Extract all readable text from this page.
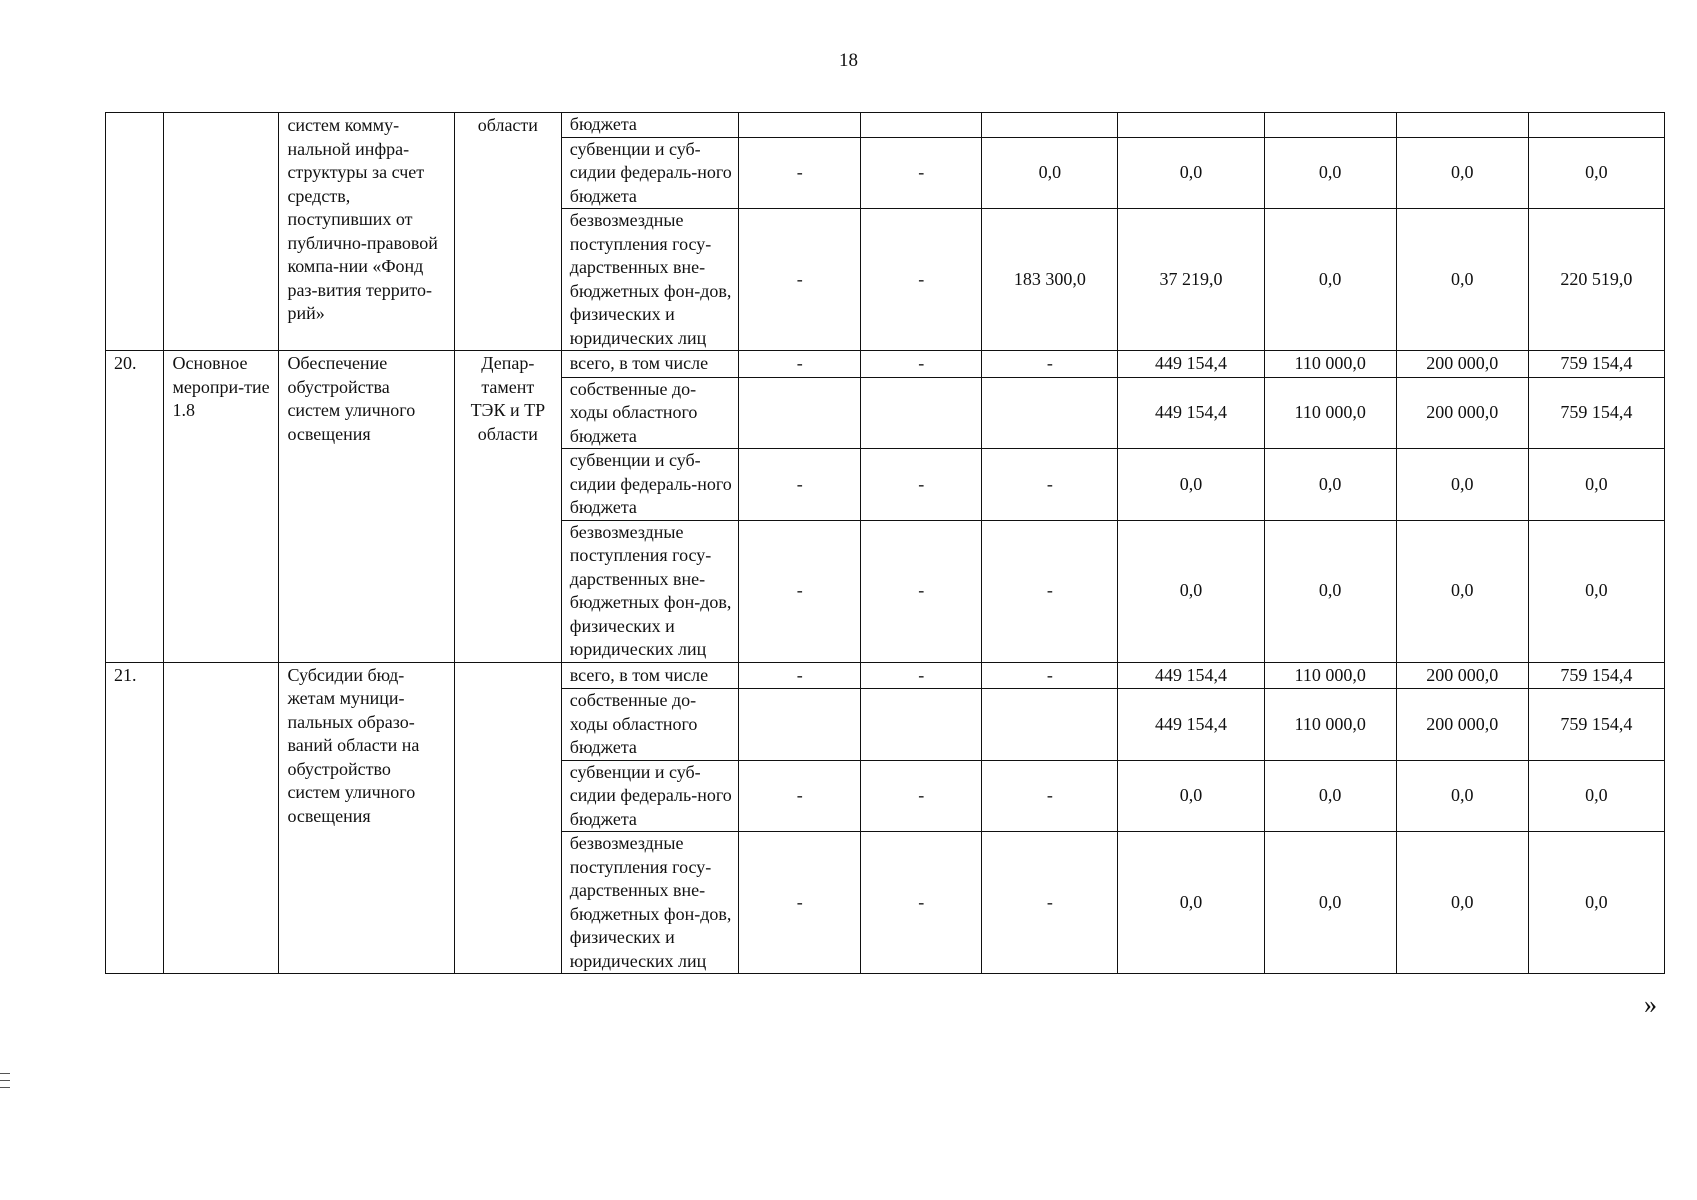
18
		систем комму-нальной инфра-структуры за счет средств, поступивших от публично-правовой компа-нии «Фонд раз-вития террито-рий»	области	бюджета							
				субвенции и суб-сидии федераль-ного бюджета	-	-	0,0	0,0	0,0	0,0	0,0
				безвозмездные поступления госу-дарственных вне-бюджетных фон-дов, физических и юридических лиц	-	-	183 300,0	37 219,0	0,0	0,0	220 519,0
20.	Основное меропри-тие 1.8	Обеспечение обустройства систем уличного освещения	Депар-тамент ТЭК и ТР области	всего, в том числе	-	-	-	449 154,4	110 000,0	200 000,0	759 154,4
				собственные до-ходы областного бюджета				449 154,4	110 000,0	200 000,0	759 154,4
				субвенции и суб-сидии федераль-ного бюджета	-	-	-	0,0	0,0	0,0	0,0
				безвозмездные поступления госу-дарственных вне-бюджетных фон-дов, физических и юридических лиц	-	-	-	0,0	0,0	0,0	0,0
21.		Субсидии бюд-жетам муници-пальных образо-ваний области на обустройство систем уличного освещения		всего, в том числе	-	-	-	449 154,4	110 000,0	200 000,0	759 154,4
				собственные до-ходы областного бюджета				449 154,4	110 000,0	200 000,0	759 154,4
				субвенции и суб-сидии федераль-ного бюджета	-	-	-	0,0	0,0	0,0	0,0
				безвозмездные поступления госу-дарственных вне-бюджетных фон-дов, физических и юридических лиц	-	-	-	0,0	0,0	0,0	0,0
»
